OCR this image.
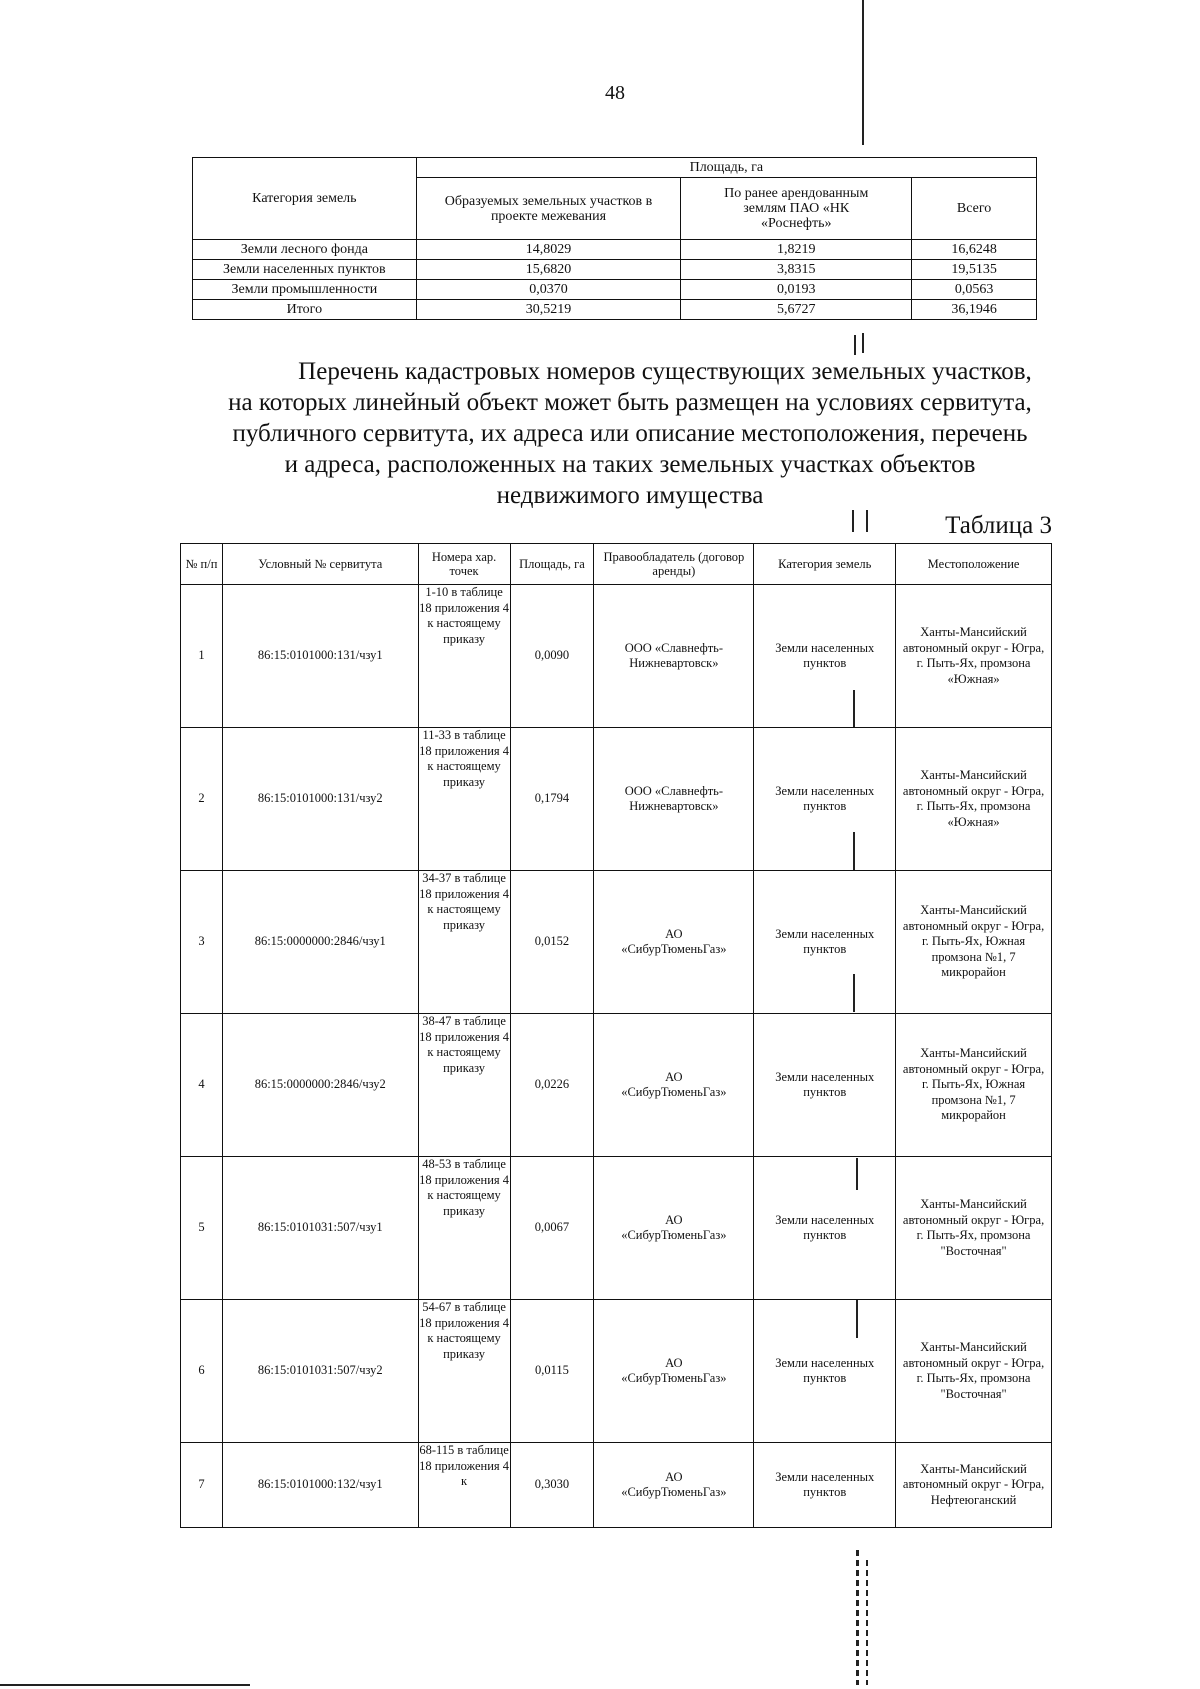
48
Категория земель	Площадь, га		
	Образуемых земельных участков в проекте межевания	По ранее арендованным землям ПАО «НК «Роснефть»	Всего
Земли лесного фонда	14,8029	1,8219	16,6248
Земли населенных пунктов	15,6820	3,8315	19,5135
Земли промышленности	0,0370	0,0193	0,0563
Итого	30,5219	5,6727	36,1946
Перечень кадастровых номеров существующих земельных участков,
на которых линейный объект может быть размещен на условиях сервитута,
публичного сервитута, их адреса или описание местоположения, перечень
и адреса, расположенных на таких земельных участках объектов
недвижимого имущества
Таблица 3
№ п/п	Условный № сервитута	Номера хар. точек	Площадь, га	Правообладатель (договор аренды)	Категория земель	Местоположение
1	86:15:0101000:131/чзу1	1-10 в таблице 18 приложения 4 к настоящему приказу	0,0090	ООО «Славнефть-Нижневартовск»	Земли населенных пунктов	Ханты-Мансийский автономный округ - Югра, г. Пыть-Ях, промзона «Южная»
2	86:15:0101000:131/чзу2	11-33 в таблице 18 приложения 4 к настоящему приказу	0,1794	ООО «Славнефть-Нижневартовск»	Земли населенных пунктов	Ханты-Мансийский автономный округ - Югра, г. Пыть-Ях, промзона «Южная»
3	86:15:0000000:2846/чзу1	34-37 в таблице 18 приложения 4 к настоящему приказу	0,0152	АО «СибурТюменьГаз»	Земли населенных пунктов	Ханты-Мансийский автономный округ - Югра, г. Пыть-Ях, Южная промзона №1, 7 микрорайон
4	86:15:0000000:2846/чзу2	38-47 в таблице 18 приложения 4 к настоящему приказу	0,0226	АО «СибурТюменьГаз»	Земли населенных пунктов	Ханты-Мансийский автономный округ - Югра, г. Пыть-Ях, Южная промзона №1, 7 микрорайон
5	86:15:0101031:507/чзу1	48-53 в таблице 18 приложения 4 к настоящему приказу	0,0067	АО «СибурТюменьГаз»	Земли населенных пунктов	Ханты-Мансийский автономный округ - Югра, г. Пыть-Ях, промзона "Восточная"
6	86:15:0101031:507/чзу2	54-67 в таблице 18 приложения 4 к настоящему приказу	0,0115	АО «СибурТюменьГаз»	Земли населенных пунктов	Ханты-Мансийский автономный округ - Югра, г. Пыть-Ях, промзона "Восточная"
7	86:15:0101000:132/чзу1	68-115 в таблице 18 приложения 4 к	0,3030	АО «СибурТюменьГаз»	Земли населенных пунктов	Ханты-Мансийский автономный округ - Югра, Нефтеюганский
